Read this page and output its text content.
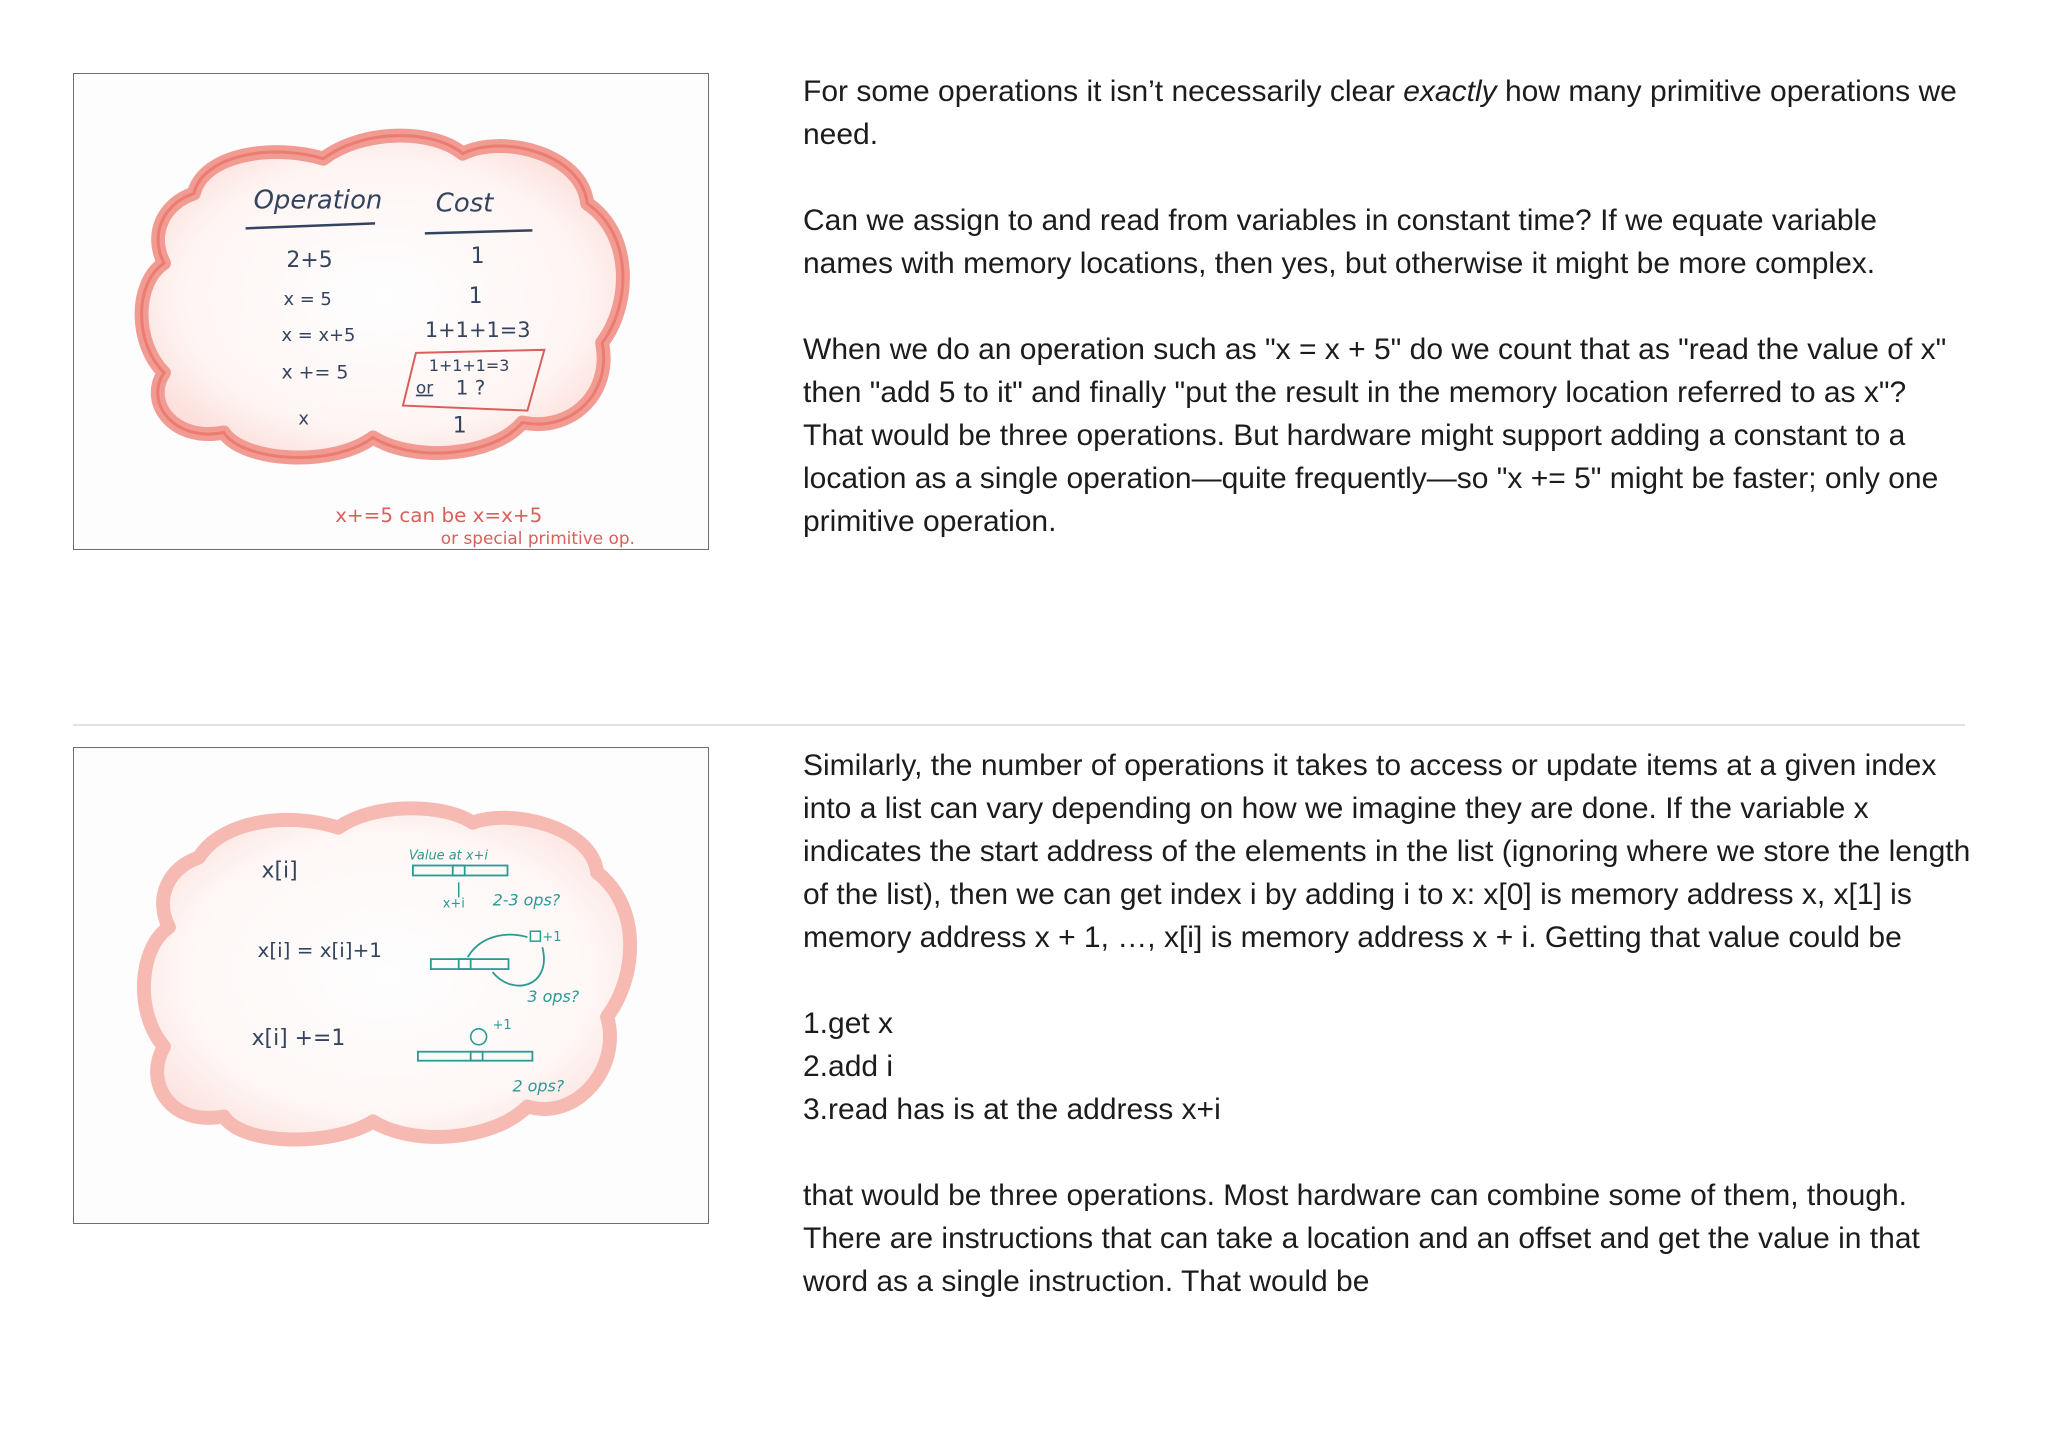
Operation Cost
2+5	1
x = 5	1
x = x+5	1+1+1=3
x += 5	1+1+1=3
or 1 ?
x	1
x+=5 can be x=x+5
or special primitive op.

For some operations it isn’t necessarily clear exactly how many primitive operations we need.

Can we assign to and read from variables in constant time? If we equate variable names with memory locations, then yes, but otherwise it might be more complex.

When we do an operation such as "x = x + 5" do we count that as "read the value of x" then "add 5 to it" and finally "put the result in the memory location referred to as x"? That would be three operations. But hardware might support adding a constant to a location as a single operation—quite frequently—so "x += 5" might be faster; only one primitive operation.

x[i]
Value at x+i
x+i 2-3 ops?
x[i] = x[i]+1
+1
3 ops?
x[i] +=1
+1
2 ops?

Similarly, the number of operations it takes to access or update items at a given index into a list can vary depending on how we imagine they are done. If the variable x indicates the start address of the elements in the list (ignoring where we store the length of the list), then we can get index i by adding i to x: x[0] is memory address x, x[1] is memory address x + 1, …, x[i] is memory address x + i. Getting that value could be

1.get x

2.add i

3.read has is at the address x+i

that would be three operations. Most hardware can combine some of them, though. There are instructions that can take a location and an offset and get the value in that word as a single instruction. That would be
